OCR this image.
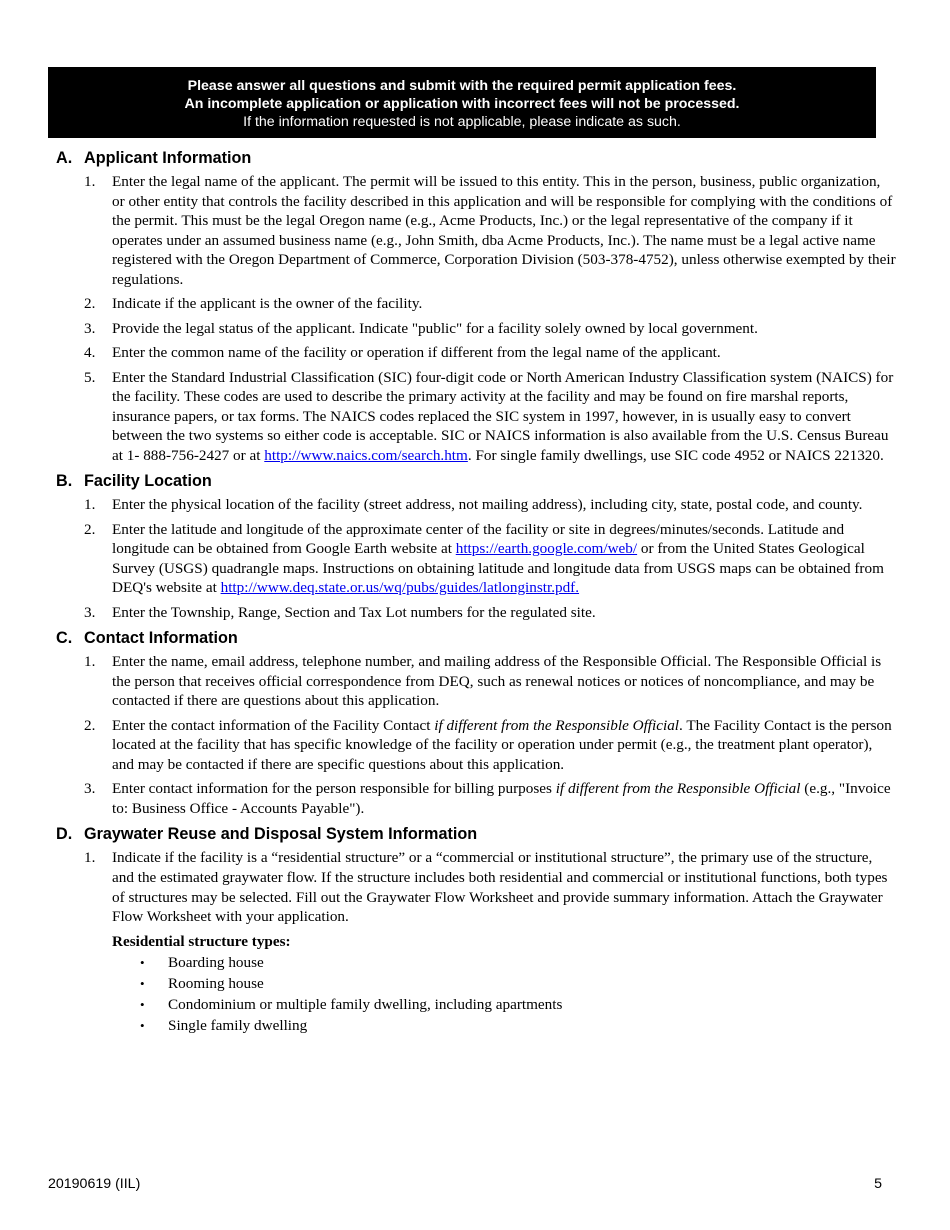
Please answer all questions and submit with the required permit application fees.
An incomplete application or application with incorrect fees will not be processed.
If the information requested is not applicable, please indicate as such.
A. Applicant Information
1.	Enter the legal name of the applicant. The permit will be issued to this entity. This in the person, business, public organization, or other entity that controls the facility described in this application and will be responsible for complying with the conditions of the permit. This must be the legal Oregon name (e.g., Acme Products, Inc.) or the legal representative of the company if it operates under an assumed business name (e.g., John Smith, dba Acme Products, Inc.). The name must be a legal active name registered with the Oregon Department of Commerce, Corporation Division (503-378-4752), unless otherwise exempted by their regulations.
2.	Indicate if the applicant is the owner of the facility.
3.	Provide the legal status of the applicant. Indicate "public" for a facility solely owned by local government.
4.	Enter the common name of the facility or operation if different from the legal name of the applicant.
5.	Enter the Standard Industrial Classification (SIC) four-digit code or North American Industry Classification system (NAICS) for the facility. These codes are used to describe the primary activity at the facility and may be found on fire marshal reports, insurance papers, or tax forms. The NAICS codes replaced the SIC system in 1997, however, in is usually easy to convert between the two systems so either code is acceptable. SIC or NAICS information is also available from the U.S. Census Bureau at 1- 888-756-2427 or at http://www.naics.com/search.htm. For single family dwellings, use SIC code 4952 or NAICS 221320.
B. Facility Location
1.	Enter the physical location of the facility (street address, not mailing address), including city, state, postal code, and county.
2.	Enter the latitude and longitude of the approximate center of the facility or site in degrees/minutes/seconds. Latitude and longitude can be obtained from Google Earth website at https://earth.google.com/web/ or from the United States Geological Survey (USGS) quadrangle maps. Instructions on obtaining latitude and longitude data from USGS maps can be obtained from DEQ's website at http://www.deq.state.or.us/wq/pubs/guides/latlonginstr.pdf.
3.	Enter the Township, Range, Section and Tax Lot numbers for the regulated site.
C. Contact Information
1.	Enter the name, email address, telephone number, and mailing address of the Responsible Official. The Responsible Official is the person that receives official correspondence from DEQ, such as renewal notices or notices of noncompliance, and may be contacted if there are questions about this application.
2.	Enter the contact information of the Facility Contact if different from the Responsible Official. The Facility Contact is the person located at the facility that has specific knowledge of the facility or operation under permit (e.g., the treatment plant operator), and may be contacted if there are specific questions about this application.
3.	Enter contact information for the person responsible for billing purposes if different from the Responsible Official (e.g., "Invoice to: Business Office - Accounts Payable").
D. Graywater Reuse and Disposal System Information
1.	Indicate if the facility is a “residential structure” or a “commercial or institutional structure”, the primary use of the structure, and the estimated graywater flow. If the structure includes both residential and commercial or institutional functions, both types of structures may be selected. Fill out the Graywater Flow Worksheet and provide summary information. Attach the Graywater Flow Worksheet with your application.
Residential structure types:
•	Boarding house
•	Rooming house
•	Condominium or multiple family dwelling, including apartments
•	Single family dwelling
20190619 (IIL)	5
